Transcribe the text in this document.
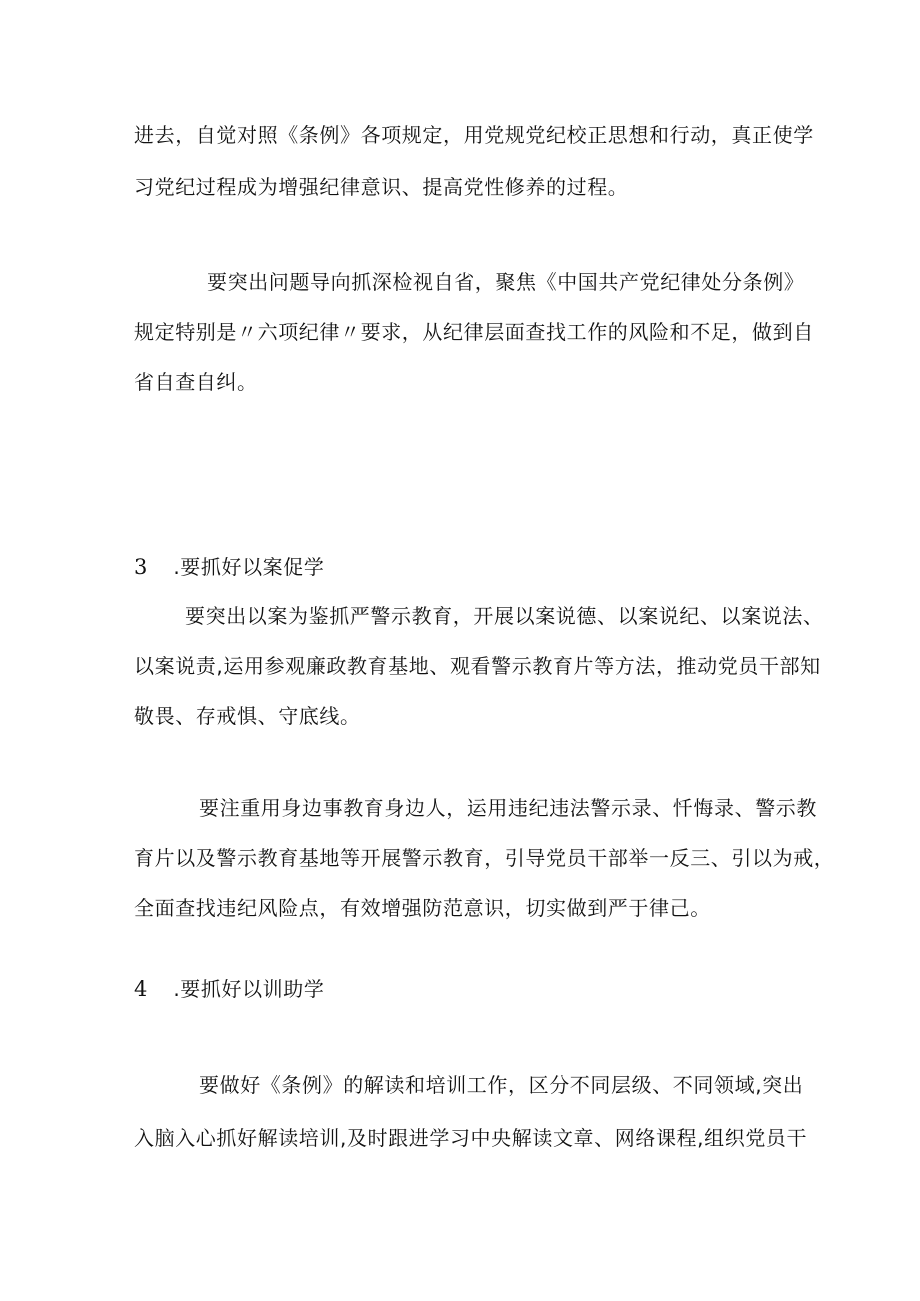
进去，自觉对照《条例》各项规定，用党规党纪校正思想和行动，真正使学
习党纪过程成为增强纪律意识、提高党性修养的过程。
要突出问题导向抓深检视自省，聚焦《中国共产党纪律处分条例》
规定特别是〃六项纪律〃要求，从纪律层面查找工作的风险和不足，做到自
省自查自纠。
3 .要抓好以案促学
要突出以案为鉴抓严警示教育，开展以案说德、以案说纪、以案说法、
以案说责,运用参观廉政教育基地、观看警示教育片等方法，推动党员干部知
敬畏、存戒惧、守底线。
要注重用身边事教育身边人，运用违纪违法警示录、忏悔录、警示教
育片以及警示教育基地等开展警示教育，引导党员干部举一反三、引以为戒，
全面查找违纪风险点，有效增强防范意识，切实做到严于律己。
4 .要抓好以训助学
要做好《条例》的解读和培训工作，区分不同层级、不同领域,突出
入脑入心抓好解读培训,及时跟进学习中央解读文章、网络课程,组织党员干
